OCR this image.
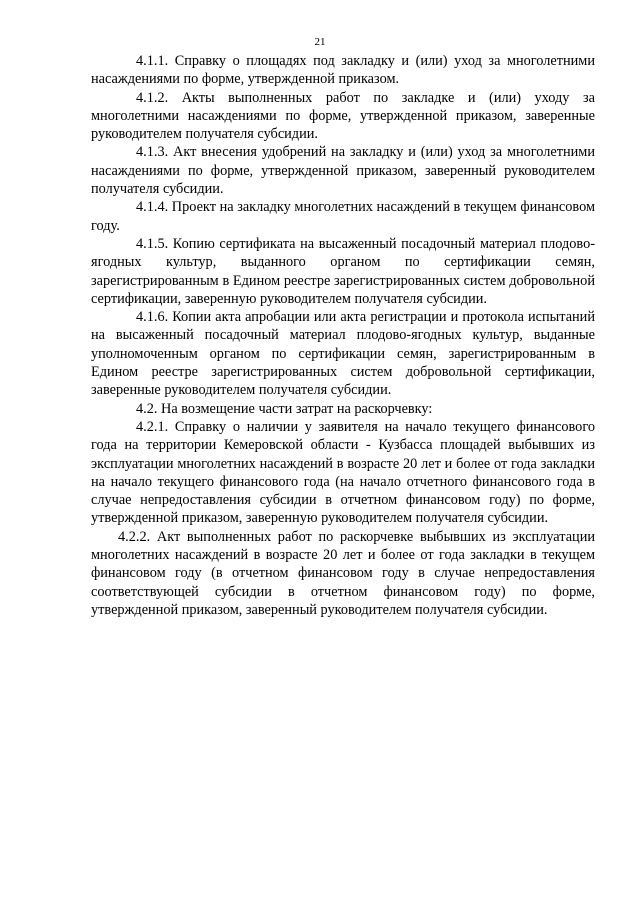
21

4.1.1. Справку о площадях под закладку и (или) уход за многолетними насаждениями по форме, утвержденной приказом.

4.1.2. Акты выполненных работ по закладке и (или) уходу за многолетними насаждениями по форме, утвержденной приказом, заверенные руководителем получателя субсидии.

4.1.3. Акт внесения удобрений на закладку и (или) уход за многолетними насаждениями по форме, утвержденной приказом, заверенный руководителем получателя субсидии.

4.1.4. Проект на закладку многолетних насаждений в текущем финансовом году.

4.1.5. Копию сертификата на высаженный посадочный материал плодово-ягодных культур, выданного органом по сертификации семян, зарегистрированным в Едином реестре зарегистрированных систем добровольной сертификации, заверенную руководителем получателя субсидии.

4.1.6. Копии акта апробации или акта регистрации и протокола испытаний на высаженный посадочный материал плодово-ягодных культур, выданные уполномоченным органом по сертификации семян, зарегистрированным в Едином реестре зарегистрированных систем добровольной сертификации, заверенные руководителем получателя субсидии.

4.2. На возмещение части затрат на раскорчевку:

4.2.1. Справку о наличии у заявителя на начало текущего финансового года на территории Кемеровской области - Кузбасса площадей выбывших из эксплуатации многолетних насаждений в возрасте 20 лет и более от года закладки на начало текущего финансового года (на начало отчетного финансового года в случае непредоставления субсидии в отчетном финансовом году) по форме, утвержденной приказом, заверенную руководителем получателя субсидии.

4.2.2. Акт выполненных работ по раскорчевке выбывших из эксплуатации многолетних насаждений в возрасте 20 лет и более от года закладки в текущем финансовом году (в отчетном финансовом году в случае непредоставления соответствующей субсидии в отчетном финансовом году) по форме, утвержденной приказом, заверенный руководителем получателя субсидии.
